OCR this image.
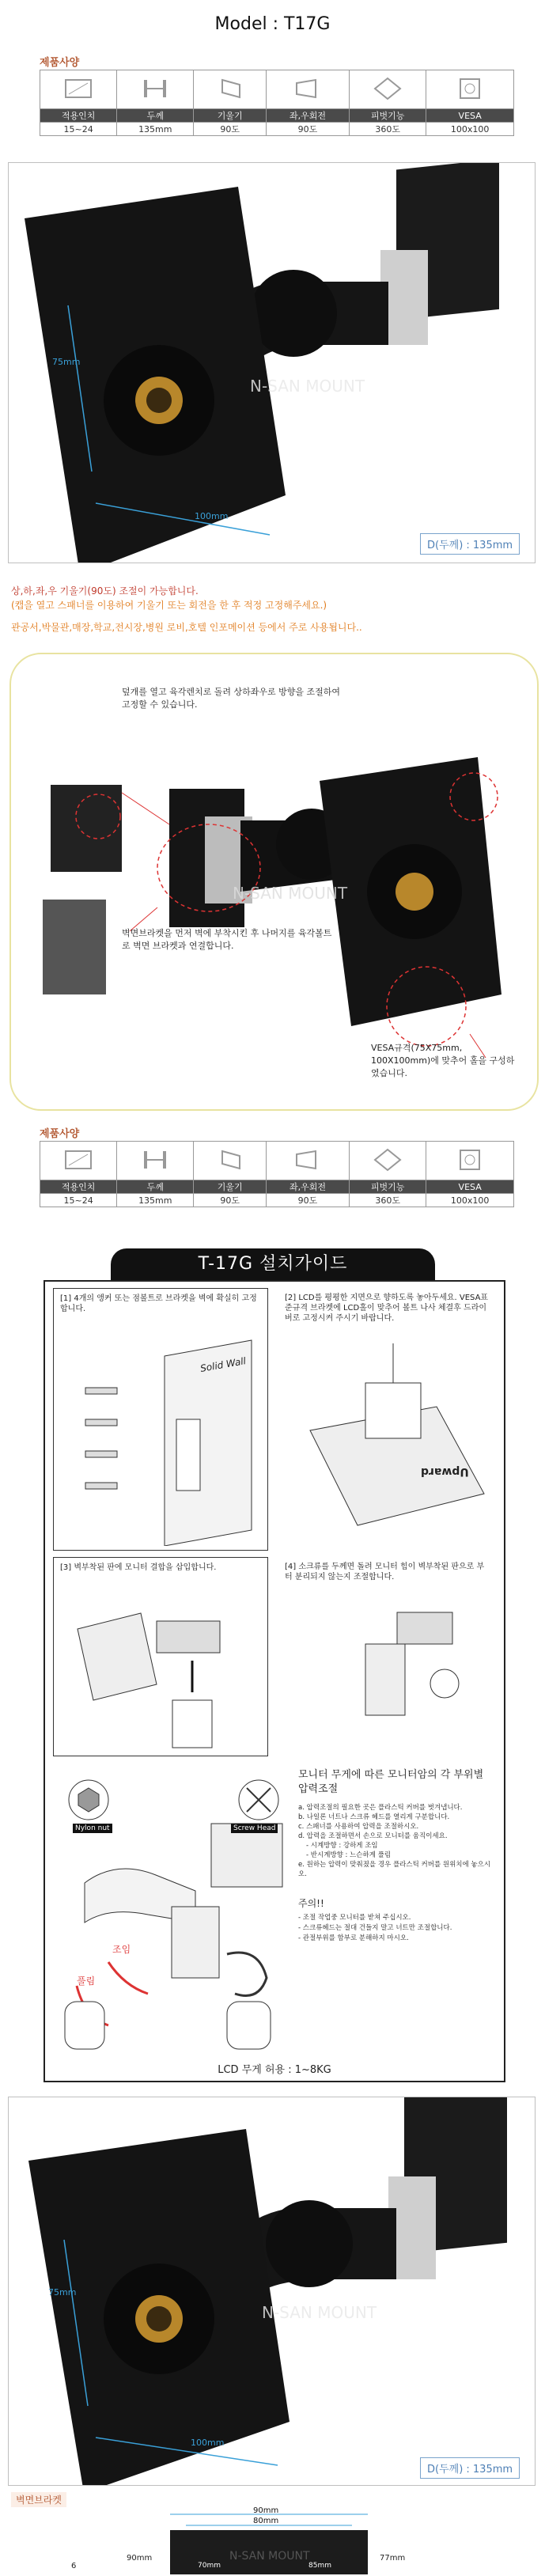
Model : T17G
제품사양

적용인치	두께	기울기	좌,우회전	피벗기능	VESA
15~24	135mm	90도	90도	360도	100x100
75mm
100mm
N-SAN MOUNT
D(두께) : 135mm
상,하,좌,우 기울기(90도) 조절이 가능합니다.
(캡을 열고 스패너를 이용하여 기울기 또는 회전을 한 후 적정 고정해주세요.)
관공서,박물관,매장,학교,전시장,병원 로비,호텔 인포메이션 등에서 주로 사용됩니다..
덮개를 열고 육각렌치로 돌려 상하좌우로 방향을 조절하여 고정할 수 있습니다.
벽면브라켓을 먼저 벽에 부착시킨 후 나머지를 육각볼트로 벽면 브라켓과 연결합니다.
VESA규격(75X75mm, 100X100mm)에 맞추어 홀을 구성하였습니다.
N-SAN MOUNT
제품사양

적용인치	두께	기울기	좌,우회전	피벗기능	VESA
15~24	135mm	90도	90도	360도	100x100
T-17G 설치가이드
[1] 4개의 앵커 또는 점볼트로 브라켓을 벽에 확실히 고정합니다.
Solid Wall
[2] LCD를 평평한 지면으로 향하도록 놓아두세요. VESA표준규격 브라켓에 LCD홀이 맞추어 볼트 나사 체결후 드라이버로 고정시켜 주시기 바랍니다.
Upward
[3] 벽부착된 판에 모니터 결합을 삽입합니다.	[4] 소크류를 두께면 돌려 모니터 힘이 벽부착된 판으로 부터 분리되지 않는지 조절합니다.
Nylon nut	Screw Head
조임
풀림
모니터 무게에 따른 모니터암의 각 부위별 압력조절
a. 압력조절의 필요한 곳은 플라스틱 커버를 벗겨냅니다.
b. 나일론 너트나 스크류 헤드를 열리게 구분합니다.
c. 스패너를 사용하여 압력을 조절하시오.
d. 압력을 조절하면서 손으로 모니터를 움직이세요.
- 시계방향 : 강하게 조임
- 반시계방향 : 느슨하게 풀림
e. 원하는 압력이 맞춰졌을 경우 플라스틱 커버를 원위치에 놓으시오.
주의!!
- 조절 작업중 모니터를 받쳐 주십시오.
- 스크류헤드는 절대 건들지 말고 너트만 조절합니다.
- 관절부위를 함부로 분해하지 마시오.
LCD 무게 허용 : 1~8KG
75mm
100mm
N-SAN MOUNT
D(두께) : 135mm
벽면브라켓
90mm
80mm
90mm	77mm
N-SAN MOUNT
70mm	85mm
6
